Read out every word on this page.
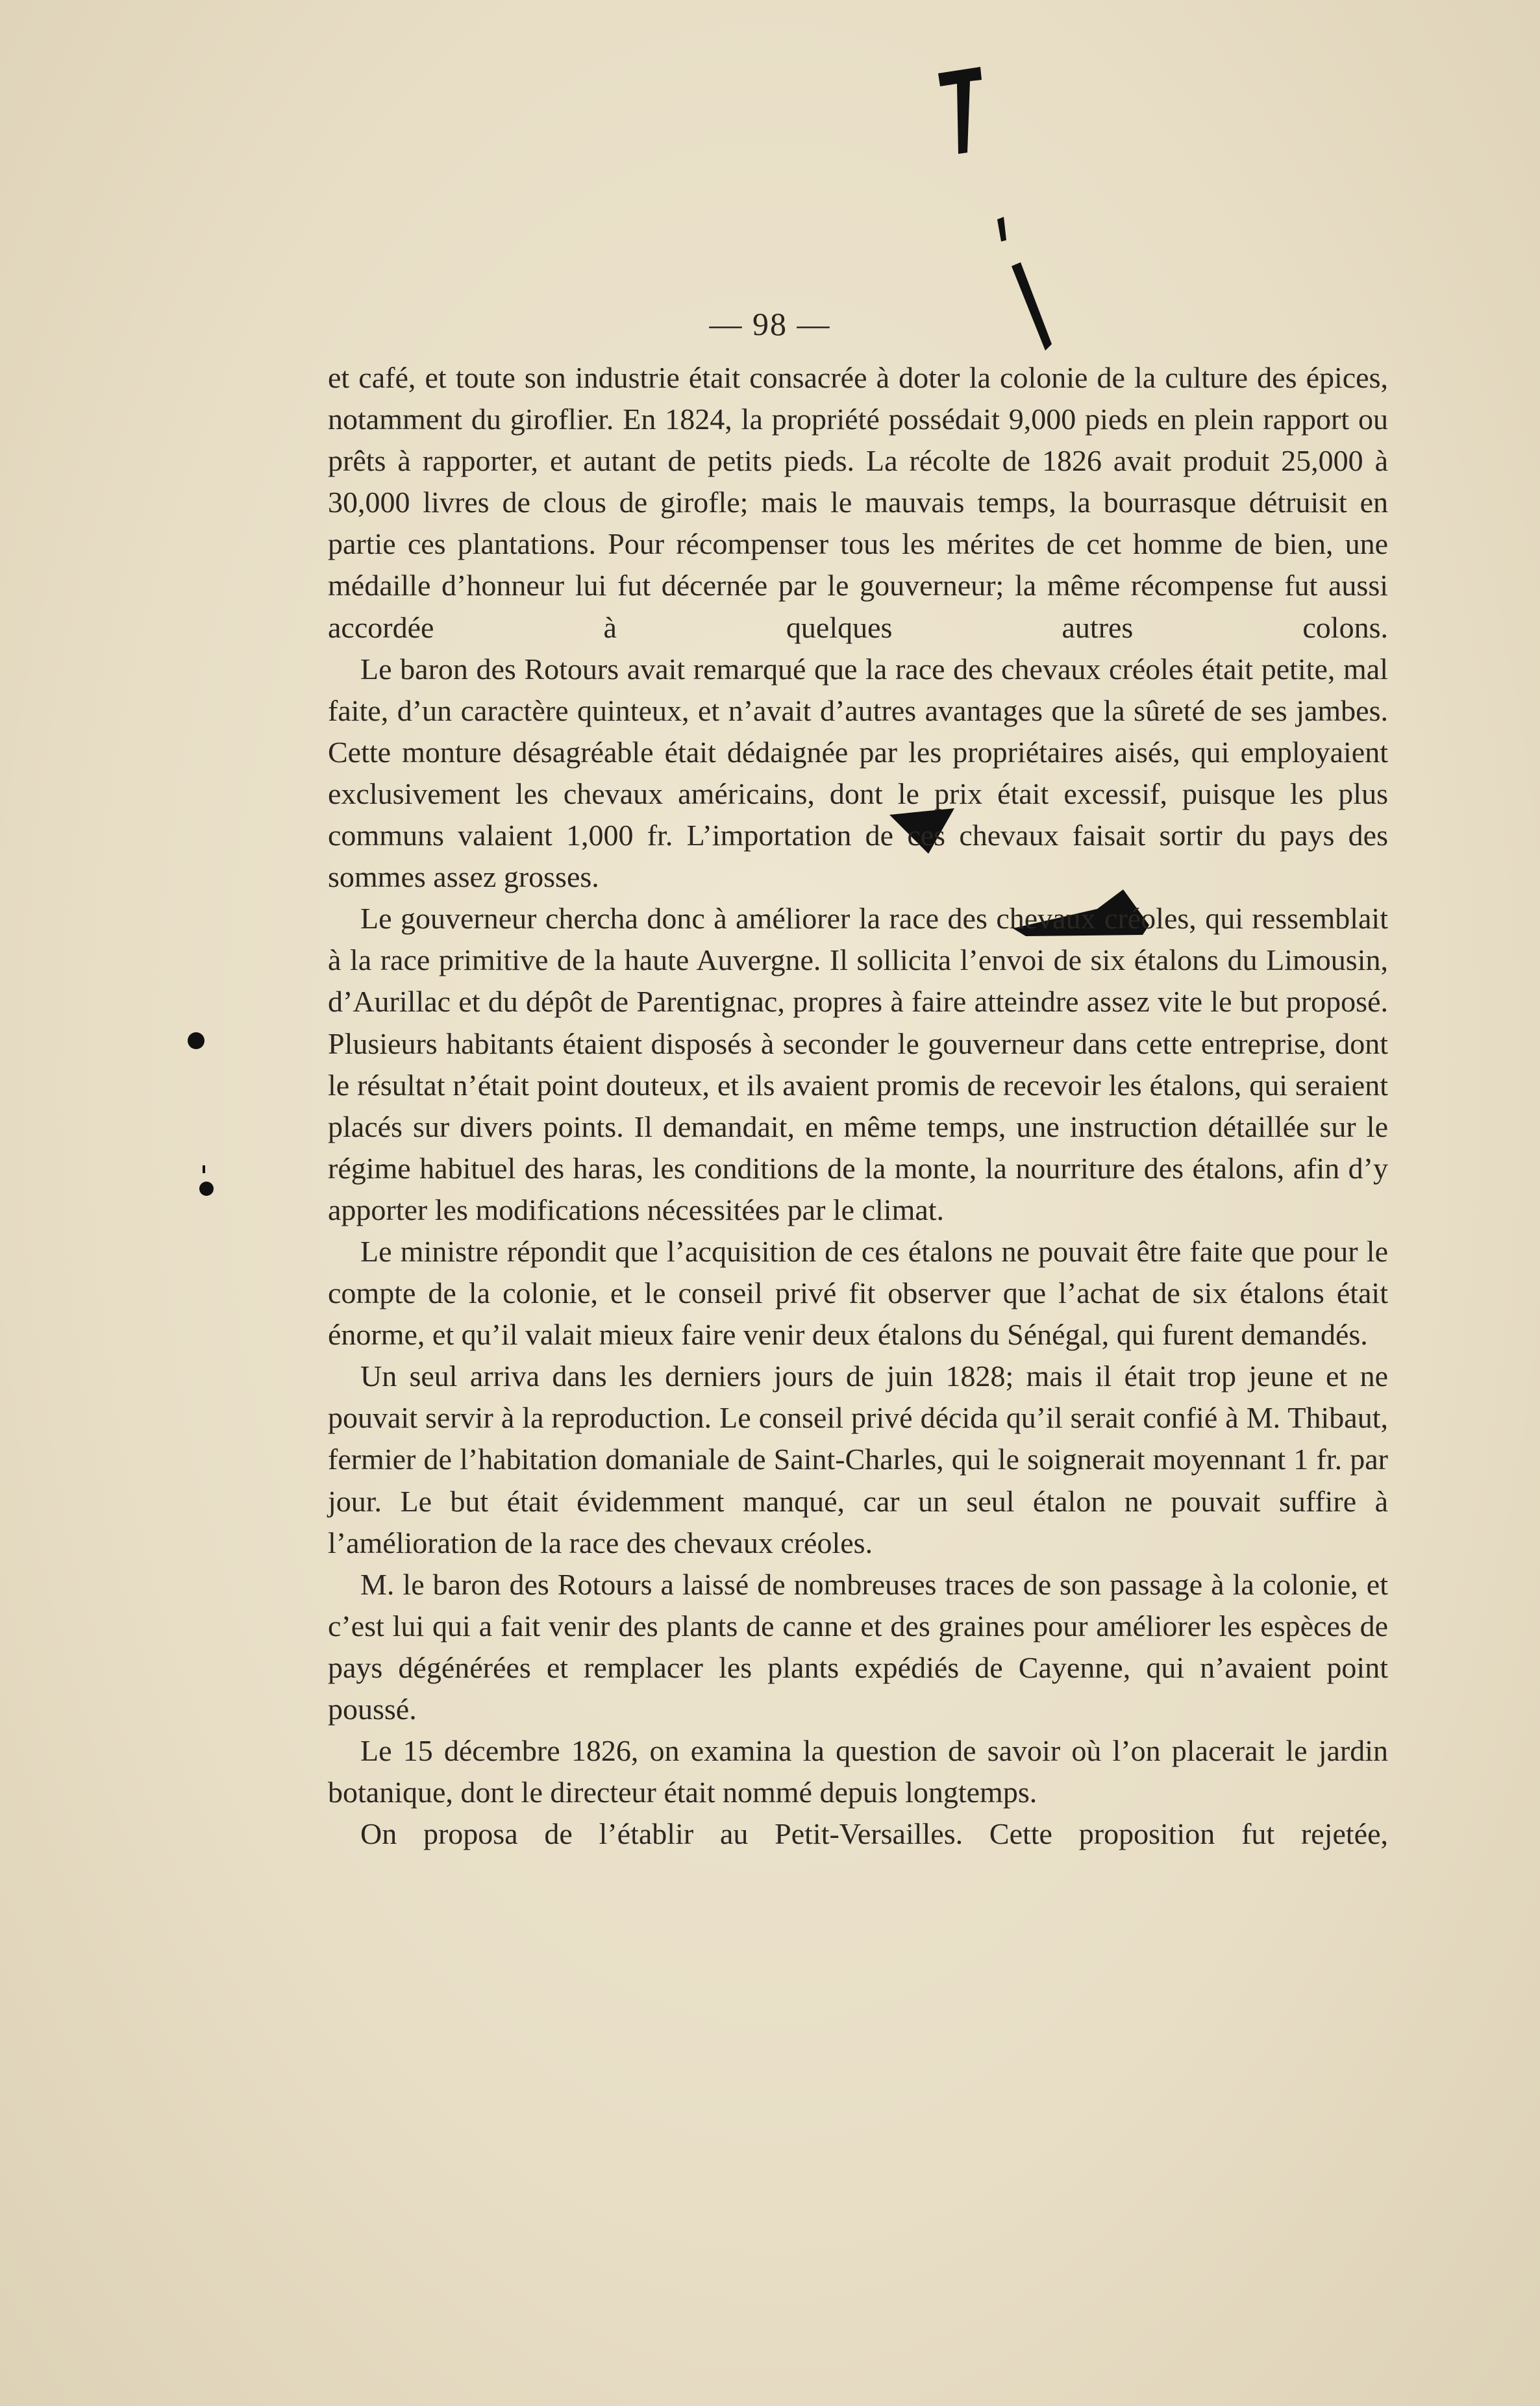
— 98 —

et café, et toute son industrie était consacrée à doter la colonie de la culture des épices, notamment du giroflier. En 1824, la propriété possédait 9,000 pieds en plein rapport ou prêts à rapporter, et autant de petits pieds. La récolte de 1826 avait produit 25,000 à 30,000 livres de clous de girofle; mais le mauvais temps, la bourrasque détruisit en partie ces plantations. Pour récompenser tous les mérites de cet homme de bien, une médaille d’honneur lui fut décernée par le gouverneur; la même récompense fut aussi accordée à quelques autres colons.

Le baron des Rotours avait remarqué que la race des chevaux créoles était petite, mal faite, d’un caractère quinteux, et n’avait d’autres avantages que la sûreté de ses jambes. Cette monture désagréable était dédaignée par les propriétaires aisés, qui employaient exclusivement les chevaux américains, dont le prix était excessif, puisque les plus communs valaient 1,000 fr. L’importation de ces chevaux faisait sortir du pays des sommes assez grosses.

Le gouverneur chercha donc à améliorer la race des chevaux créoles, qui ressemblait à la race primitive de la haute Auvergne. Il sollicita l’envoi de six étalons du Limousin, d’Aurillac et du dépôt de Parentignac, propres à faire atteindre assez vite le but proposé. Plusieurs habitants étaient disposés à seconder le gouverneur dans cette entreprise, dont le résultat n’était point douteux, et ils avaient promis de recevoir les étalons, qui seraient placés sur divers points. Il demandait, en même temps, une instruction détaillée sur le régime habituel des haras, les conditions de la monte, la nourriture des étalons, afin d’y apporter les modifications nécessitées par le climat.

Le ministre répondit que l’acquisition de ces étalons ne pouvait être faite que pour le compte de la colonie, et le conseil privé fit observer que l’achat de six étalons était énorme, et qu’il valait mieux faire venir deux étalons du Sénégal, qui furent demandés.

Un seul arriva dans les derniers jours de juin 1828; mais il était trop jeune et ne pouvait servir à la reproduction. Le conseil privé décida qu’il serait confié à M. Thibaut, fermier de l’habitation domaniale de Saint-Charles, qui le soignerait moyennant 1 fr. par jour. Le but était évidemment manqué, car un seul étalon ne pouvait suffire à l’amélioration de la race des chevaux créoles.

M. le baron des Rotours a laissé de nombreuses traces de son passage à la colonie, et c’est lui qui a fait venir des plants de canne et des graines pour améliorer les espèces de pays dégénérées et remplacer les plants expédiés de Cayenne, qui n’avaient point poussé.

Le 15 décembre 1826, on examina la question de savoir où l’on placerait le jardin botanique, dont le directeur était nommé depuis longtemps.

On proposa de l’établir au Petit-Versailles. Cette proposition fut rejetée,
